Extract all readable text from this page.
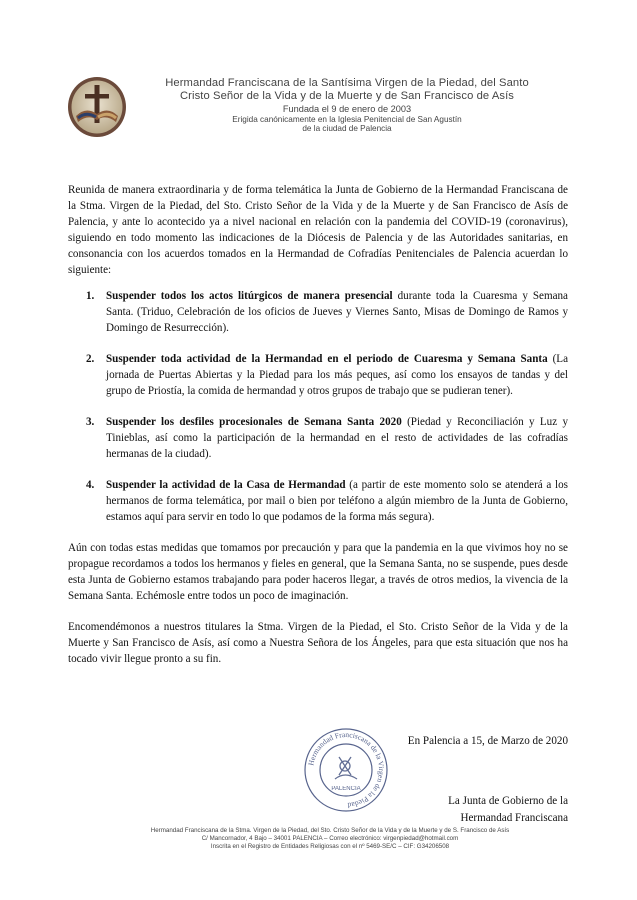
Hermandad Franciscana de la Santísima Virgen de la Piedad, del Santo
Cristo Señor de la Vida y de la Muerte y de San Francisco de Asís
Fundada el 9 de enero de 2003
Erigida canónicamente en la Iglesia Penitencial de San Agustín
de la ciudad de Palencia

Reunida de manera extraordinaria y de forma telemática la Junta de Gobierno de la Hermandad Franciscana de la Stma. Virgen de la Piedad, del Sto. Cristo Señor de la Vida y de la Muerte y de San Francisco de Asís de Palencia, y ante lo acontecido ya a nivel nacional en relación con la pandemia del COVID-19 (coronavirus), siguiendo en todo momento las indicaciones de la Diócesis de Palencia y de las Autoridades sanitarias, en consonancia con los acuerdos tomados en la Hermandad de Cofradías Penitenciales de Palencia acuerdan lo siguiente:

1. Suspender todos los actos litúrgicos de manera presencial durante toda la Cuaresma y Semana Santa. (Triduo, Celebración de los oficios de Jueves y Viernes Santo, Misas de Domingo de Ramos y Domingo de Resurrección).
2. Suspender toda actividad de la Hermandad en el periodo de Cuaresma y Semana Santa (La jornada de Puertas Abiertas y la Piedad para los más peques, así como los ensayos de tandas y del grupo de Priostía, la comida de hermandad y otros grupos de trabajo que se pudieran tener).
3. Suspender los desfiles procesionales de Semana Santa 2020 (Piedad y Reconciliación y Luz y Tinieblas, así como la participación de la hermandad en el resto de actividades de las cofradías hermanas de la ciudad).
4. Suspender la actividad de la Casa de Hermandad (a partir de este momento solo se atenderá a los hermanos de forma telemática, por mail o bien por teléfono a algún miembro de la Junta de Gobierno, estamos aquí para servir en todo lo que podamos de la forma más segura).

Aún con todas estas medidas que tomamos por precaución y para que la pandemia en la que vivimos hoy no se propague recordamos a todos los hermanos y fieles en general, que la Semana Santa, no se suspende, pues desde esta Junta de Gobierno estamos trabajando para poder haceros llegar, a través de otros medios, la vivencia de la Semana Santa. Echémosle entre todos un poco de imaginación.

Encomendémonos a nuestros titulares la Stma. Virgen de la Piedad, el Sto. Cristo Señor de la Vida y de la Muerte y San Francisco de Asís, así como a Nuestra Señora de los Ángeles, para que esta situación que nos ha tocado vivir llegue pronto a su fin.

En Palencia a 15, de Marzo de 2020
Hermandad Franciscana de la Virgen de la Piedad
PALENCIA
La Junta de Gobierno de la
Hermandad Franciscana
Hermandad Franciscana de la Stma. Virgen de la Piedad, del Sto. Cristo Señor de la Vida y de la Muerte y de S. Francisco de Asís
C/ Mancornador, 4 Bajo – 34001 PALENCIA – Correo electrónico: virgenpiedad@hotmail.com
Inscrita en el Registro de Entidades Religiosas con el nº 5469-SE/C – CIF: G34206508
